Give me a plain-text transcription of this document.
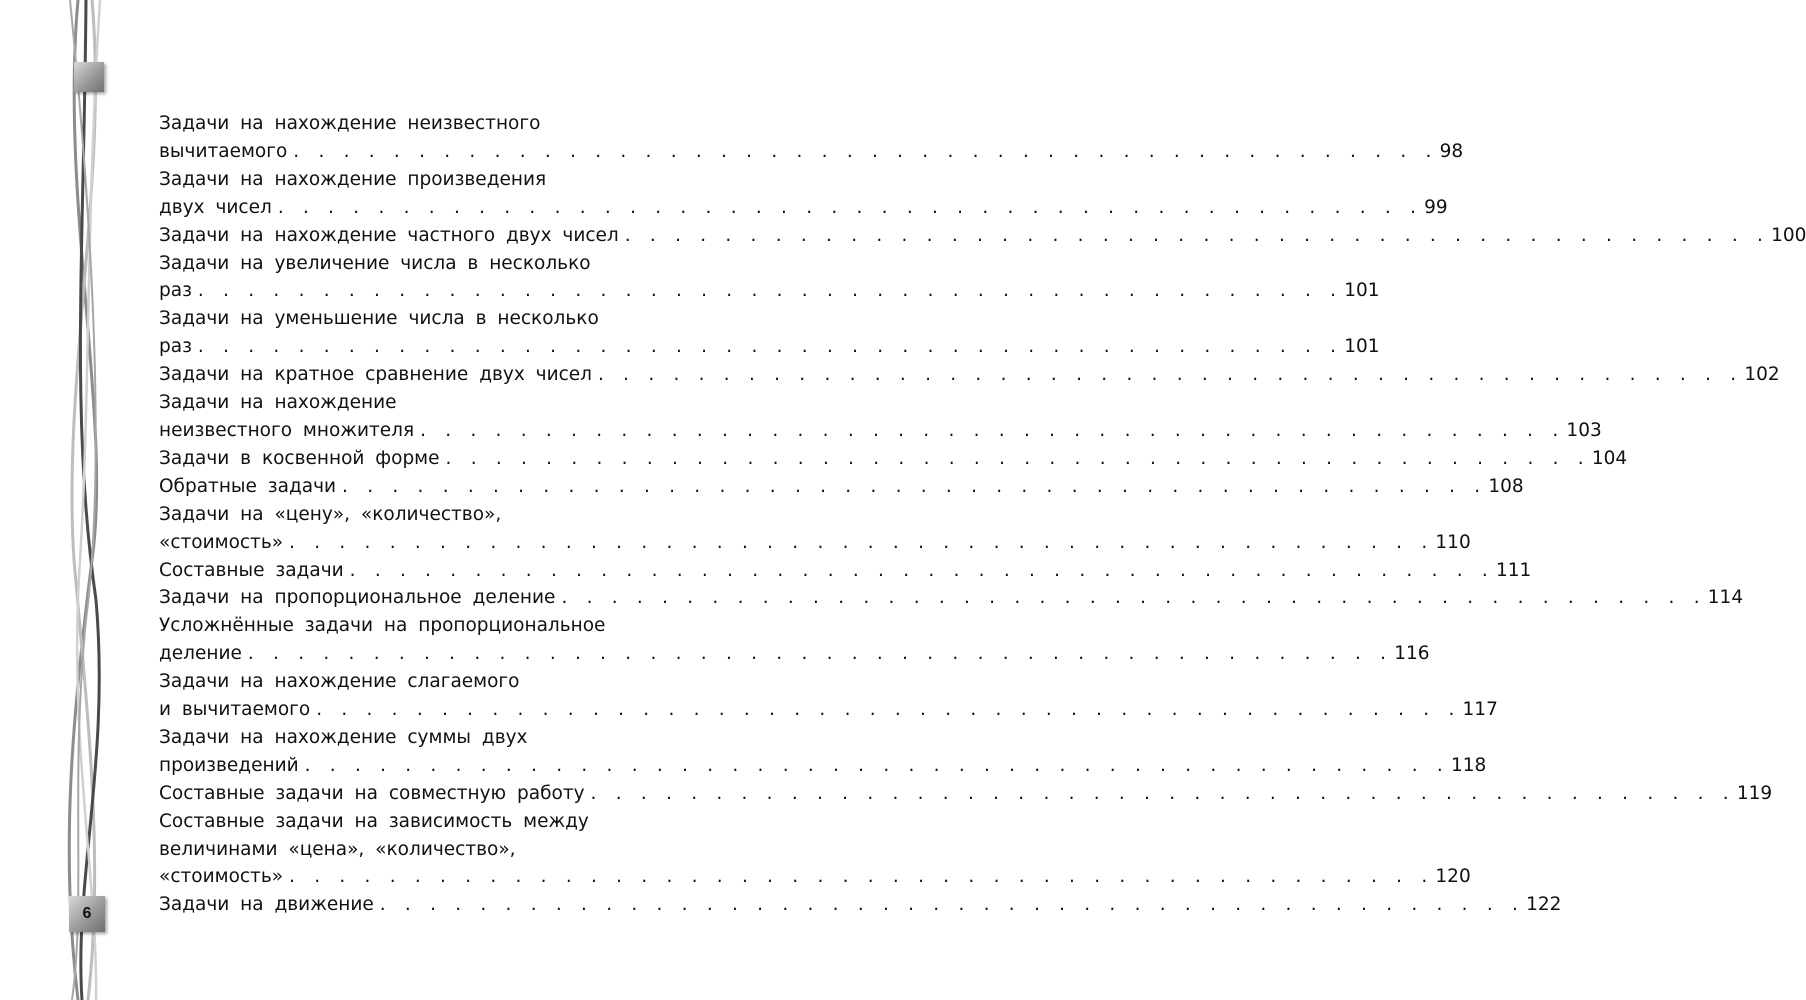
6
Задачи на нахождение неизвестного
вычитаемого . . . . . . . . . . . . . . . . . . . . . . . . . . . . . . . . . . . . . . . . . . . . . . 98
Задачи на нахождение произведения
двух чисел . . . . . . . . . . . . . . . . . . . . . . . . . . . . . . . . . . . . . . . . . . . . . . 99
Задачи на нахождение частного двух чисел . . . . . . . . . . . . . . . . . . . . . . . . . . . . . . . . . . . . . . . . . . . . . . 100
Задачи на увеличение числа в несколько
раз . . . . . . . . . . . . . . . . . . . . . . . . . . . . . . . . . . . . . . . . . . . . . . 101
Задачи на уменьшение числа в несколько
раз . . . . . . . . . . . . . . . . . . . . . . . . . . . . . . . . . . . . . . . . . . . . . . 101
Задачи на кратное сравнение двух чисел . . . . . . . . . . . . . . . . . . . . . . . . . . . . . . . . . . . . . . . . . . . . . . 102
Задачи на нахождение
неизвестного множителя . . . . . . . . . . . . . . . . . . . . . . . . . . . . . . . . . . . . . . . . . . . . . . 103
Задачи в косвенной форме . . . . . . . . . . . . . . . . . . . . . . . . . . . . . . . . . . . . . . . . . . . . . . 104
Обратные задачи . . . . . . . . . . . . . . . . . . . . . . . . . . . . . . . . . . . . . . . . . . . . . . 108
Задачи на «цену», «количество»,
«стоимость» . . . . . . . . . . . . . . . . . . . . . . . . . . . . . . . . . . . . . . . . . . . . . . 110
Составные задачи . . . . . . . . . . . . . . . . . . . . . . . . . . . . . . . . . . . . . . . . . . . . . . 111
Задачи на пропорциональное деление . . . . . . . . . . . . . . . . . . . . . . . . . . . . . . . . . . . . . . . . . . . . . . 114
Усложнённые задачи на пропорциональное
деление . . . . . . . . . . . . . . . . . . . . . . . . . . . . . . . . . . . . . . . . . . . . . . 116
Задачи на нахождение слагаемого
и вычитаемого . . . . . . . . . . . . . . . . . . . . . . . . . . . . . . . . . . . . . . . . . . . . . . 117
Задачи на нахождение суммы двух
произведений . . . . . . . . . . . . . . . . . . . . . . . . . . . . . . . . . . . . . . . . . . . . . . 118
Составные задачи на совместную работу . . . . . . . . . . . . . . . . . . . . . . . . . . . . . . . . . . . . . . . . . . . . . . 119
Составные задачи на зависимость между
величинами «цена», «количество»,
«стоимость» . . . . . . . . . . . . . . . . . . . . . . . . . . . . . . . . . . . . . . . . . . . . . . 120
Задачи на движение . . . . . . . . . . . . . . . . . . . . . . . . . . . . . . . . . . . . . . . . . . . . . . 122
